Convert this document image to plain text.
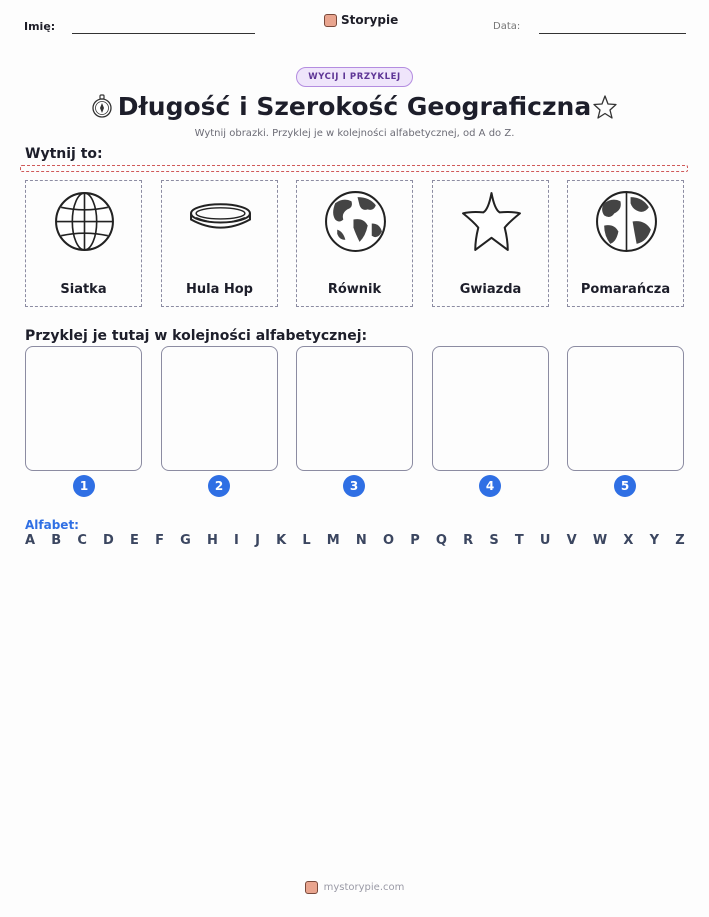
Imię:	Storypie	Data:
WYCIJ I PRZYKLEJ
Długość i Szerokość Geograficzna
Wytnij obrazki. Przyklej je w kolejności alfabetycznej, od A do Z.
Wytnij to:
Siatka	Hula Hop	Równik	Gwiazda	Pomarańcza
Przyklej je tutaj w kolejności alfabetycznej:
1	2	3	4	5
Alfabet:
A B C D E F G H I J K L M N O P Q R S T U V W X Y Z
mystorypie.com
